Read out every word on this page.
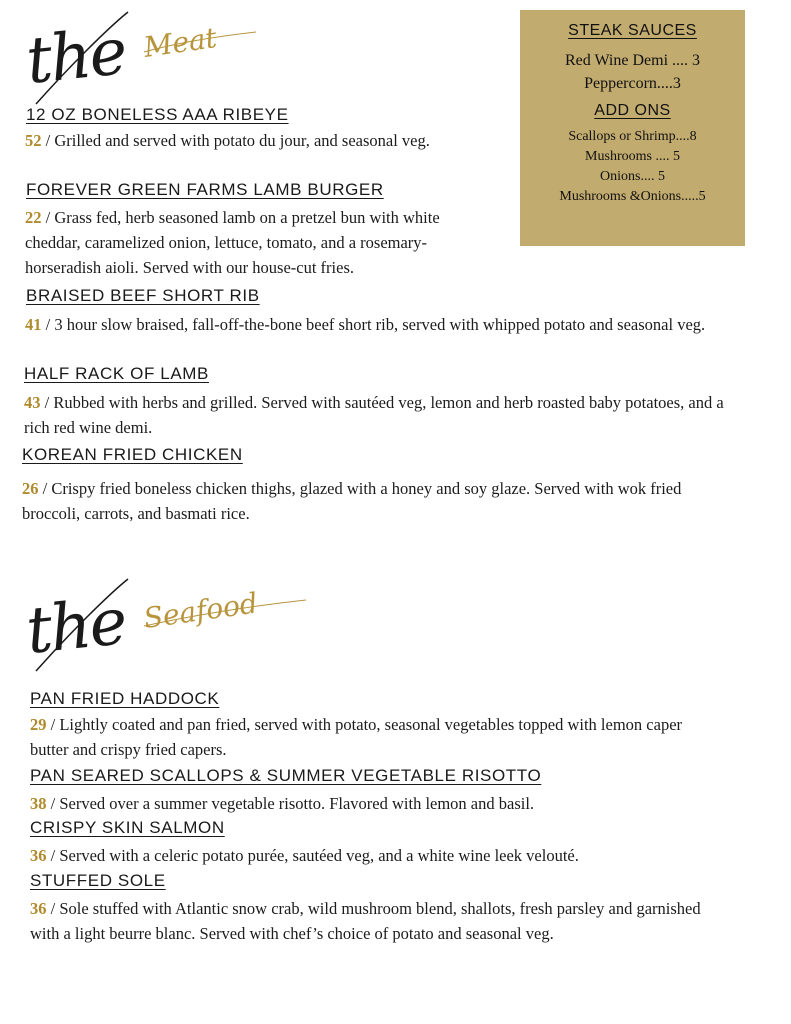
the Meat	STEAK SAUCES
Red Wine Demi .... 3
Peppercorn....3
ADD ONS
Scallops or Shrimp....8
Mushrooms .... 5
Onions.... 5
Mushrooms &Onions.....5
12 OZ BONELESS AAA RIBEYE
52 / Grilled and served with potato du jour, and seasonal veg.
FOREVER GREEN FARMS LAMB BURGER
22 / Grass fed, herb seasoned lamb on a pretzel bun with white cheddar, caramelized onion, lettuce, tomato, and a rosemary-horseradish aioli. Served with our house-cut fries.
BRAISED BEEF SHORT RIB
41 / 3 hour slow braised, fall-off-the-bone beef short rib, served with whipped potato and seasonal veg.
HALF RACK OF LAMB
43 / Rubbed with herbs and grilled. Served with sautéed veg, lemon and herb roasted baby potatoes, and a rich red wine demi.
KOREAN FRIED CHICKEN
26 / Crispy fried boneless chicken thighs, glazed with a honey and soy glaze. Served with wok fried broccoli, carrots, and basmati rice.
the Seafood
PAN FRIED HADDOCK
29 / Lightly coated and pan fried, served with potato, seasonal vegetables topped with lemon caper butter and crispy fried capers.
PAN SEARED SCALLOPS & SUMMER VEGETABLE RISOTTO
38 / Served over a summer vegetable risotto. Flavored with lemon and basil.
CRISPY SKIN SALMON
36 / Served with a celeric potato purée, sautéed veg, and a white wine leek velouté.
STUFFED SOLE
36 / Sole stuffed with Atlantic snow crab, wild mushroom blend, shallots, fresh parsley and garnished with a light beurre blanc. Served with chef’s choice of potato and seasonal veg.
